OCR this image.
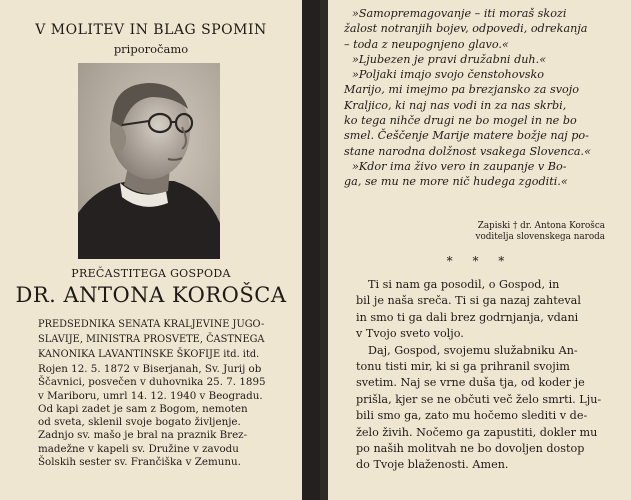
V MOLITEV IN BLAG SPOMIN
priporočamo
PREČASTITEGA GOSPODA
DR. ANTONA KOROŠCA
PREDSEDNIKA SENATA KRALJEVINE JUGO-
SLAVIJE, MINISTRA PROSVETE, ČASTNEGA
KANONIKA LAVANTINSKE ŠKOFIJE itd. itd.
Rojen 12. 5. 1872 v Biserjanah, Sv. Jurij ob
Ščavnici, posvečen v duhovnika 25. 7. 1895
v Mariboru, umrl 14. 12. 1940 v Beogradu.
Od kapi zadet je sam z Bogom, nemoten
od sveta, sklenil svoje bogato življenje.
Zadnjo sv. mašo je bral na praznik Brez-
madežne v kapeli sv. Družine v zavodu
Šolskih sester sv. Frančiška v Zemunu.
»Samopremagovanje – iti moraš skozi
žalost notranjih bojev, odpovedi, odrekanja
– toda z neupognjeno glavo.«
»Ljubezen je pravi družabni duh.«
»Poljaki imajo svojo čenstohovsko
Marijo, mi imejmo pa brezjansko za svojo
Kraljico, ki naj nas vodi in za nas skrbi,
ko tega nihče drugi ne bo mogel in ne bo
smel. Češčenje Marije matere božje naj po-
stane narodna dolžnost vsakega Slovenca.«
»Kdor ima živo vero in zaupanje v Bo-
ga, se mu ne more nič hudega zgoditi.«
Zapiski † dr. Antona Korošca
voditelja slovenskega naroda
* * *
Ti si nam ga posodil, o Gospod, in
bil je naša sreča. Ti si ga nazaj zahteval
in smo ti ga dali brez godrnjanja, vdani
v Tvojo sveto voljo.
Daj, Gospod, svojemu služabniku An-
tonu tisti mir, ki si ga prihranil svojim
svetim. Naj se vrne duša tja, od koder je
prišla, kjer se ne občuti več želo smrti. Lju-
bili smo ga, zato mu hočemo slediti v de-
želo živih. Nočemo ga zapustiti, dokler mu
po naših molitvah ne bo dovoljen dostop
do Tvoje blaženosti. Amen.
